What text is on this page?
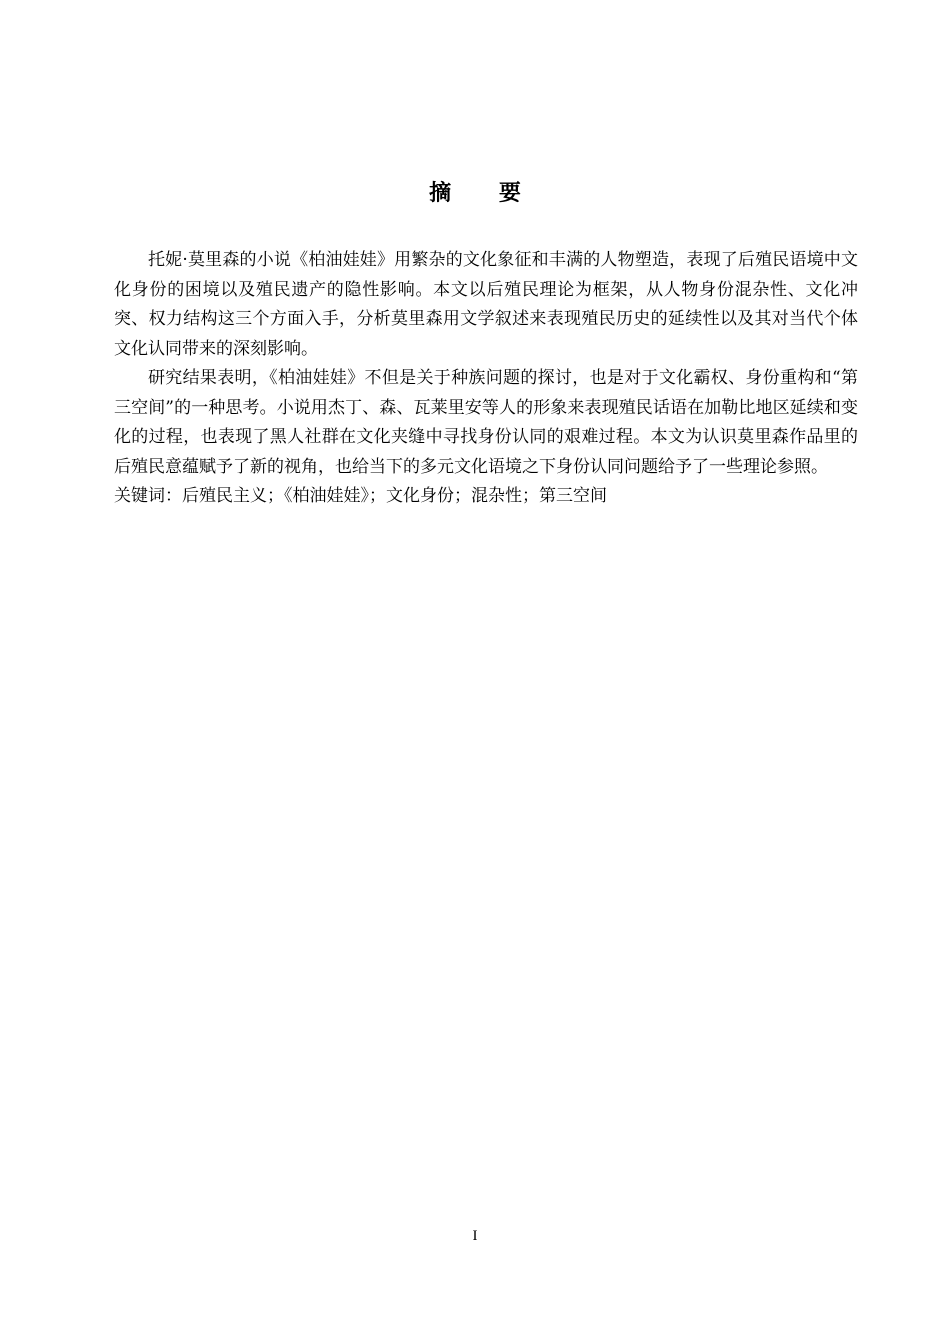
摘 要

托妮·莫里森的小说《柏油娃娃》用繁杂的文化象征和丰满的人物塑造，表现了后殖民语境中文化身份的困境以及殖民遗产的隐性影响。本文以后殖民理论为框架，从人物身份混杂性、文化冲突、权力结构这三个方面入手，分析莫里森用文学叙述来表现殖民历史的延续性以及其对当代个体文化认同带来的深刻影响。

研究结果表明，《柏油娃娃》不但是关于种族问题的探讨，也是对于文化霸权、身份重构和“第三空间”的一种思考。小说用杰丁、森、瓦莱里安等人的形象来表现殖民话语在加勒比地区延续和变化的过程，也表现了黑人社群在文化夹缝中寻找身份认同的艰难过程。本文为认识莫里森作品里的后殖民意蕴赋予了新的视角，也给当下的多元文化语境之下身份认同问题给予了一些理论参照。

关键词：后殖民主义；《柏油娃娃》；文化身份；混杂性；第三空间

I
